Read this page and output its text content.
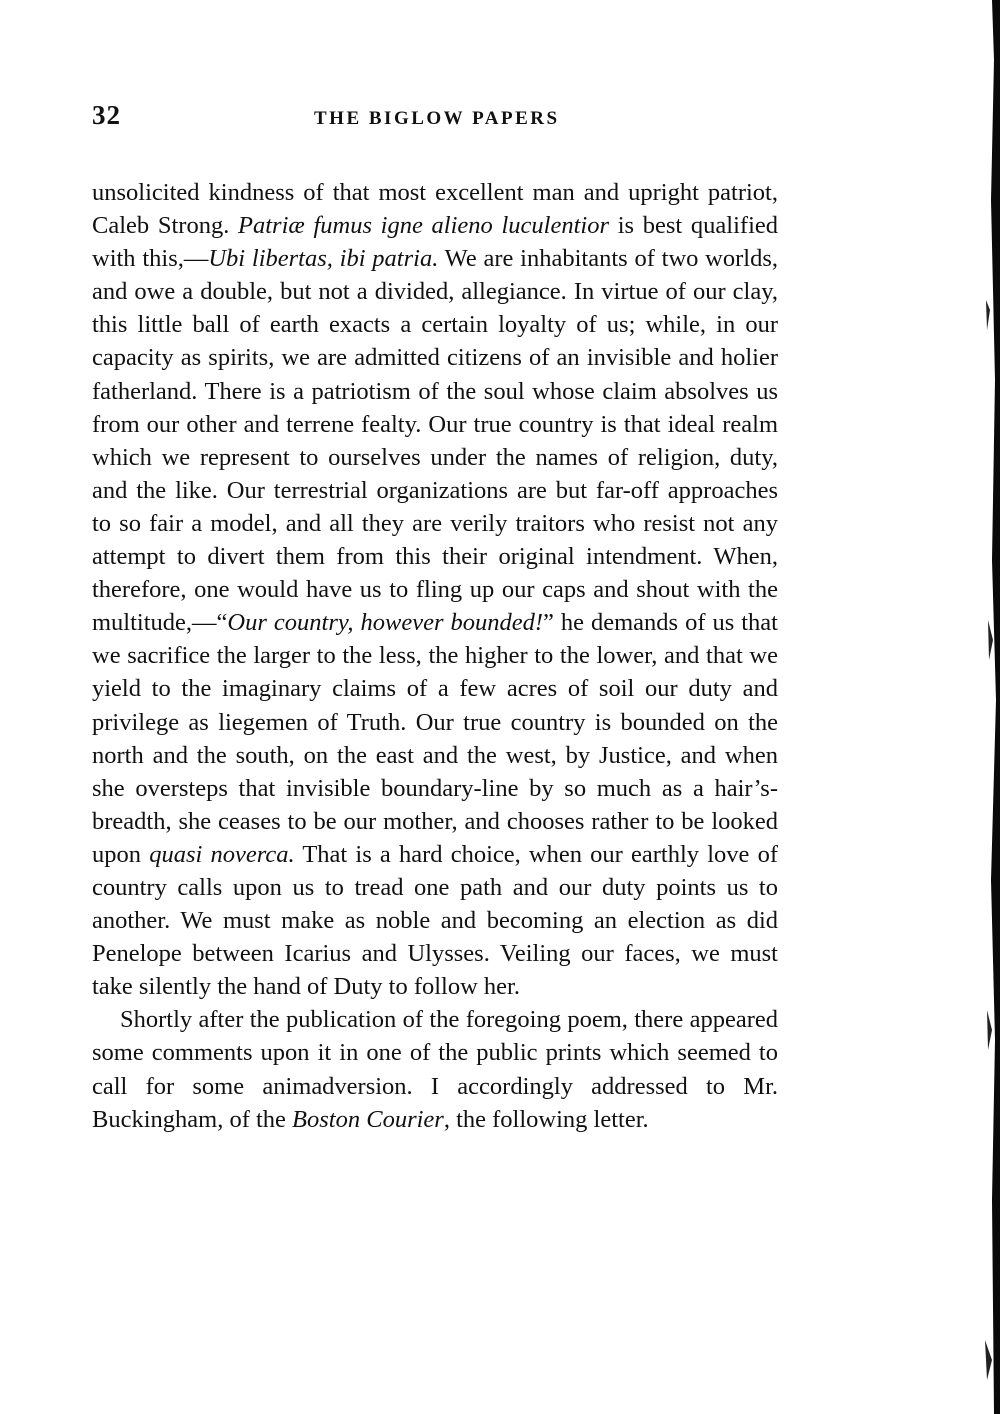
32	THE BIGLOW PAPERS

unsolicited kindness of that most excellent man and upright patriot, Caleb Strong. Patriæ fumus igne alieno luculentior is best qualified with this,—Ubi libertas, ibi patria. We are inhabitants of two worlds, and owe a double, but not a divided, allegiance. In virtue of our clay, this little ball of earth exacts a certain loyalty of us; while, in our capacity as spirits, we are admitted citizens of an invisible and holier fatherland. There is a patriotism of the soul whose claim absolves us from our other and terrene fealty. Our true country is that ideal realm which we represent to ourselves under the names of religion, duty, and the like. Our terrestrial organizations are but far-off approaches to so fair a model, and all they are verily traitors who resist not any attempt to divert them from this their original intendment. When, therefore, one would have us to fling up our caps and shout with the multitude,—“Our country, however bounded!” he demands of us that we sacrifice the larger to the less, the higher to the lower, and that we yield to the imaginary claims of a few acres of soil our duty and privilege as liegemen of Truth. Our true country is bounded on the north and the south, on the east and the west, by Justice, and when she oversteps that invisible boundary-line by so much as a hair’s-breadth, she ceases to be our mother, and chooses rather to be looked upon quasi noverca. That is a hard choice, when our earthly love of country calls upon us to tread one path and our duty points us to another. We must make as noble and becoming an election as did Penelope between Icarius and Ulysses. Veiling our faces, we must take silently the hand of Duty to follow her.

Shortly after the publication of the foregoing poem, there appeared some comments upon it in one of the public prints which seemed to call for some animadversion. I accordingly addressed to Mr. Buckingham, of the Boston Courier, the following letter.
